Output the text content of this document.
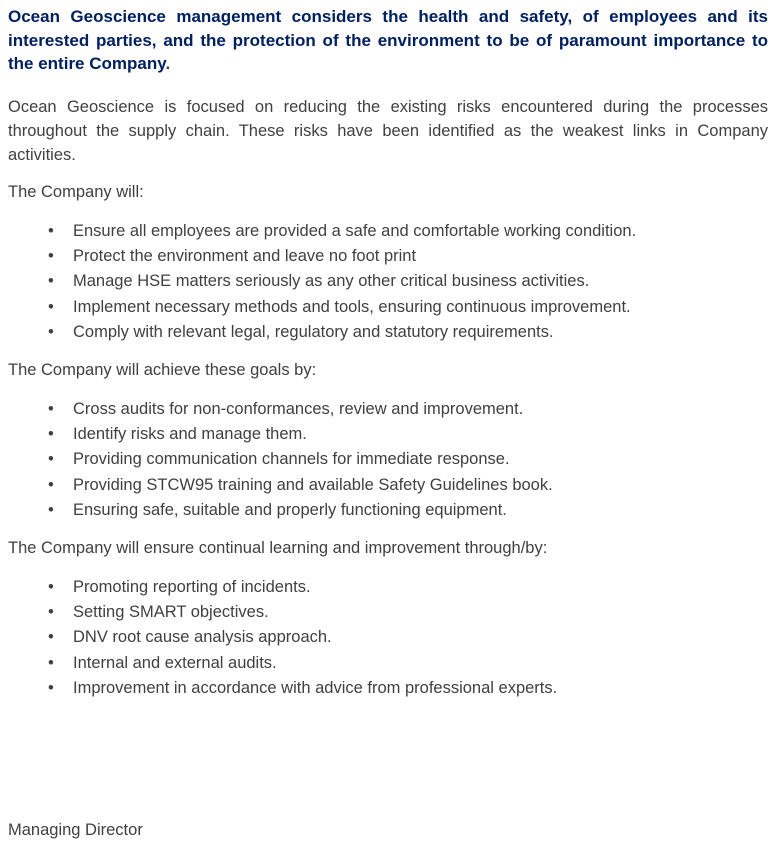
Ocean Geoscience management considers the health and safety, of employees and its interested parties, and the protection of the environment to be of paramount importance to the entire Company.

Ocean Geoscience is focused on reducing the existing risks encountered during the processes throughout the supply chain. These risks have been identified as the weakest links in Company activities.

The Company will:

•	Ensure all employees are provided a safe and comfortable working condition.
•	Protect the environment and leave no foot print
•	Manage HSE matters seriously as any other critical business activities.
•	Implement necessary methods and tools, ensuring continuous improvement.
•	Comply with relevant legal, regulatory and statutory requirements.

The Company will achieve these goals by:

•	Cross audits for non-conformances, review and improvement.
•	Identify risks and manage them.
•	Providing communication channels for immediate response.
•	Providing STCW95 training and available Safety Guidelines book.
•	Ensuring safe, suitable and properly functioning equipment.

The Company will ensure continual learning and improvement through/by:

•	Promoting reporting of incidents.
•	Setting SMART objectives.
•	DNV root cause analysis approach.
•	Internal and external audits.
•	Improvement in accordance with advice from professional experts.

Managing Director
